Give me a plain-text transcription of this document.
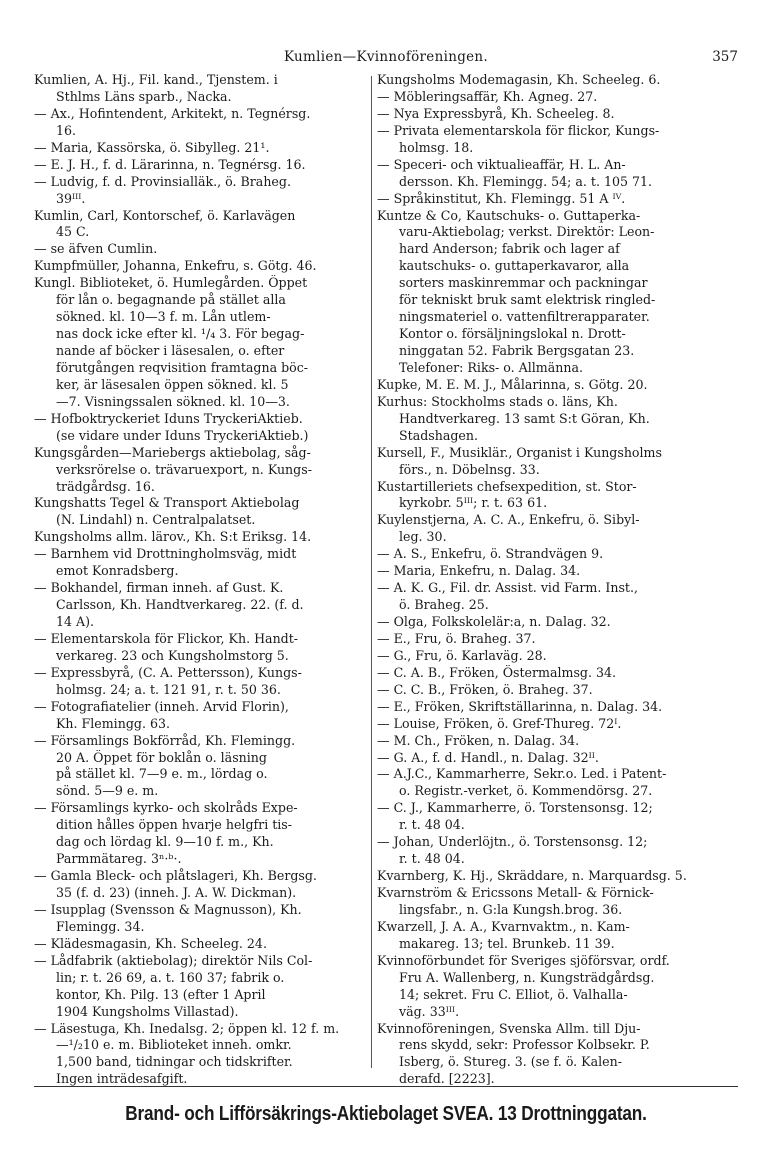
Kumlien—Kvinnoföreningen.	357
Kumlien, A. Hj., Fil. kand., Tjenstem. i
Sthlms Läns sparb., Nacka.
— Ax., Hofintendent, Arkitekt, n. Tegnérsg.
16.
— Maria, Kassörska, ö. Sibylleg. 21¹.
— E. J. H., f. d. Lärarinna, n. Tegnérsg. 16.
— Ludvig, f. d. Provinsialläk., ö. Braheg.
39ᴵᴵᴵ.
Kumlin, Carl, Kontorschef, ö. Karlavägen
45 C.
— se äfven Cumlin.
Kumpfmüller, Johanna, Enkefru, s. Götg. 46.
Kungl. Biblioteket, ö. Humlegården. Öppet
för lån o. begagnande på stället alla
sökned. kl. 10—3 f. m. Lån utlem-
nas dock icke efter kl. ¹/₄ 3. För begag-
nande af böcker i läsesalen, o. efter
förutgången reqvisition framtagna böc-
ker, är läsesalen öppen sökned. kl. 5
—7. Visningssalen sökned. kl. 10—3.
— Hofboktryckeriet Iduns TryckeriAktieb.
(se vidare under Iduns TryckeriAktieb.)
Kungsgården—Mariebergs aktiebolag, såg-
verksrörelse o. trävaruexport, n. Kungs-
trädgårdsg. 16.
Kungshatts Tegel & Transport Aktiebolag
(N. Lindahl) n. Centralpalatset.
Kungsholms allm. lärov., Kh. S:t Eriksg. 14.
— Barnhem vid Drottningholmsväg, midt
emot Konradsberg.
— Bokhandel, firman inneh. af Gust. K.
Carlsson, Kh. Handtverkareg. 22. (f. d.
14 A).
— Elementarskola för Flickor, Kh. Handt-
verkareg. 23 och Kungsholmstorg 5.
— Expressbyrå, (C. A. Pettersson), Kungs-
holmsg. 24; a. t. 121 91, r. t. 50 36.
— Fotografiatelier (inneh. Arvid Florin),
Kh. Flemingg. 63.
— Församlings Bokförråd, Kh. Flemingg.
20 A. Öppet för boklån o. läsning
på stället kl. 7—9 e. m., lördag o.
sönd. 5—9 e. m.
— Församlings kyrko- och skolråds Expe-
dition hålles öppen hvarje helgfri tis-
dag och lördag kl. 9—10 f. m., Kh.
Parmmätareg. 3ⁿ·ᵇ·.
— Gamla Bleck- och plåtslageri, Kh. Bergsg.
35 (f. d. 23) (inneh. J. A. W. Dickman).
— Isupplag (Svensson & Magnusson), Kh.
Flemingg. 34.
— Klädesmagasin, Kh. Scheeleg. 24.
— Lådfabrik (aktiebolag); direktör Nils Col-
lin; r. t. 26 69, a. t. 160 37; fabrik o.
kontor, Kh. Pilg. 13 (efter 1 April
1904 Kungsholms Villastad).
— Läsestuga, Kh. Inedalsg. 2; öppen kl. 12 f. m.
—¹/₂10 e. m. Biblioteket inneh. omkr.
1,500 band, tidningar och tidskrifter.
Ingen inträdesafgift.
Kungsholms Modemagasin, Kh. Scheeleg. 6.
— Möbleringsaffär, Kh. Agneg. 27.
— Nya Expressbyrå, Kh. Scheeleg. 8.
— Privata elementarskola för flickor, Kungs-
holmsg. 18.
— Speceri- och viktualieaffär, H. L. An-
dersson. Kh. Flemingg. 54; a. t. 105 71.
— Språkinstitut, Kh. Flemingg. 51 A ᴵⱽ.
Kuntze & Co, Kautschuks- o. Guttaperka-
varu-Aktiebolag; verkst. Direktör: Leon-
hard Anderson; fabrik och lager af
kautschuks- o. guttaperkavaror, alla
sorters maskinremmar och packningar
för tekniskt bruk samt elektrisk ringled-
ningsmateriel o. vattenfiltrerapparater.
Kontor o. försäljningslokal n. Drott-
ninggatan 52. Fabrik Bergsgatan 23.
Telefoner: Riks- o. Allmänna.
Kupke, M. E. M. J., Målarinna, s. Götg. 20.
Kurhus: Stockholms stads o. läns, Kh.
Handtverkareg. 13 samt S:t Göran, Kh.
Stadshagen.
Kursell, F., Musiklär., Organist i Kungsholms
förs., n. Döbelnsg. 33.
Kustartilleriets chefsexpedition, st. Stor-
kyrkobr. 5ᴵᴵᴵ; r. t. 63 61.
Kuylenstjerna, A. C. A., Enkefru, ö. Sibyl-
leg. 30.
— A. S., Enkefru, ö. Strandvägen 9.
— Maria, Enkefru, n. Dalag. 34.
— A. K. G., Fil. dr. Assist. vid Farm. Inst.,
ö. Braheg. 25.
— Olga, Folkskolelär:a, n. Dalag. 32.
— E., Fru, ö. Braheg. 37.
— G., Fru, ö. Karlaväg. 28.
— C. A. B., Fröken, Östermalmsg. 34.
— C. C. B., Fröken, ö. Braheg. 37.
— E., Fröken, Skriftställarinna, n. Dalag. 34.
— Louise, Fröken, ö. Gref-Thureg. 72ᴵ.
— M. Ch., Fröken, n. Dalag. 34.
— G. A., f. d. Handl., n. Dalag. 32ᴵᴵ.
— A.J.C., Kammarherre, Sekr.o. Led. i Patent-
o. Registr.-verket, ö. Kommendörsg. 27.
— C. J., Kammarherre, ö. Torstensonsg. 12;
r. t. 48 04.
— Johan, Underlöjtn., ö. Torstensonsg. 12;
r. t. 48 04.
Kvarnberg, K. Hj., Skräddare, n. Marquardsg. 5.
Kvarnström & Ericssons Metall- & Förnick-
lingsfabr., n. G:la Kungsh.brog. 36.
Kwarzell, J. A. A., Kvarnvaktm., n. Kam-
makareg. 13; tel. Brunkeb. 11 39.
Kvinnoförbundet för Sveriges sjöförsvar, ordf.
Fru A. Wallenberg, n. Kungsträdgårdsg.
14; sekret. Fru C. Elliot, ö. Valhalla-
väg. 33ᴵᴵᴵ.
Kvinnoföreningen, Svenska Allm. till Dju-
rens skydd, sekr: Professor Kolbsekr. P.
Isberg, ö. Stureg. 3. (se f. ö. Kalen-
derafd. [2223].
Brand- och Lifförsäkrings-Aktiebolaget SVEA. 13 Drottninggatan.
